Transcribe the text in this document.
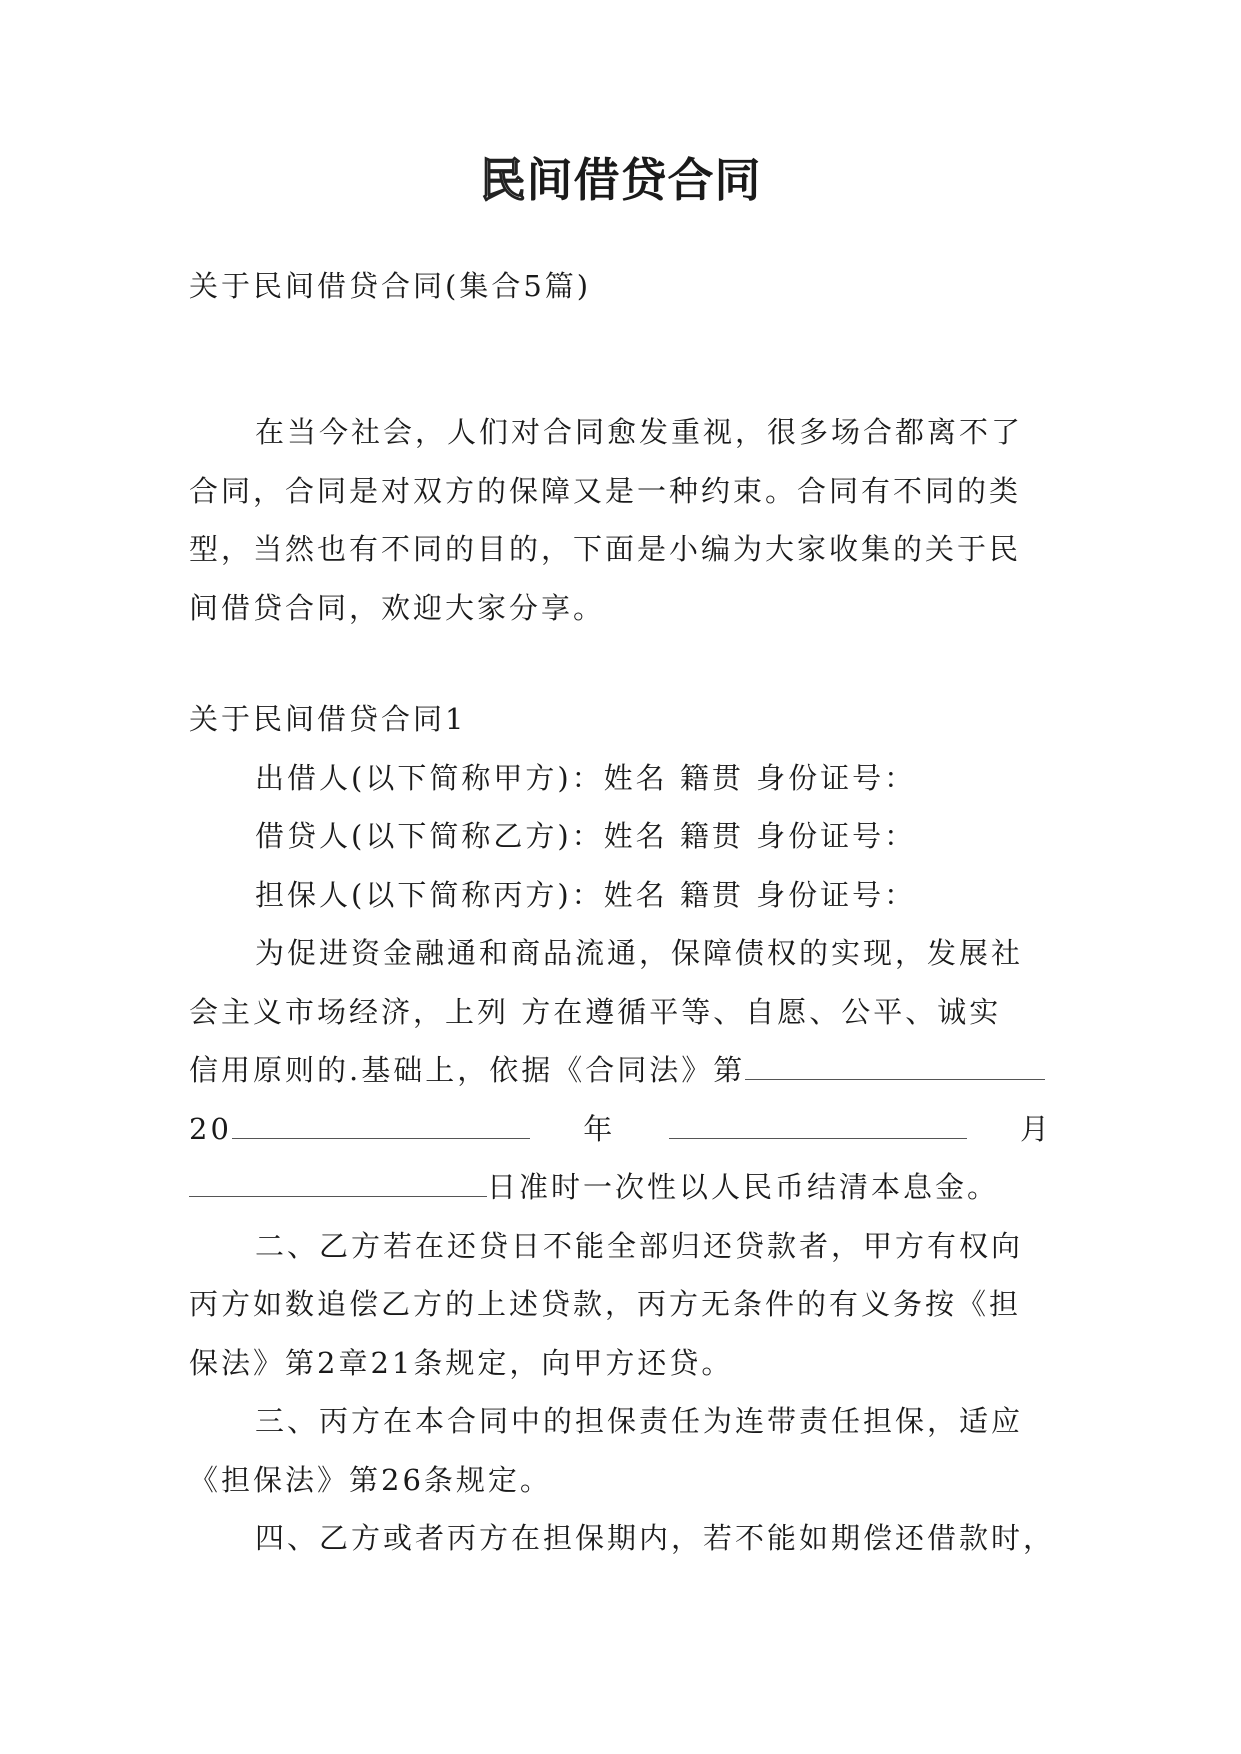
民间借贷合同
关于民间借贷合同(集合5篇)
在当今社会，人们对合同愈发重视，很多场合都离不了
合同，合同是对双方的保障又是一种约束。合同有不同的类
型，当然也有不同的目的，下面是小编为大家收集的关于民
间借贷合同，欢迎大家分享。
关于民间借贷合同1
出借人(以下简称甲方)：姓名 籍贯 身份证号：
借贷人(以下简称乙方)：姓名 籍贯 身份证号：
担保人(以下简称丙方)：姓名 籍贯 身份证号：
为促进资金融通和商品流通，保障债权的实现，发展社
会主义市场经济，上列 方在遵循平等、自愿、公平、诚实
信用原则的.基础上，依据《合同法》第
20	年	月
日准时一次性以人民币结清本息金。
二、乙方若在还贷日不能全部归还贷款者，甲方有权向
丙方如数追偿乙方的上述贷款，丙方无条件的有义务按《担
保法》第2章21条规定，向甲方还贷。
三、丙方在本合同中的担保责任为连带责任担保，适应
《担保法》第26条规定。
四、乙方或者丙方在担保期内，若不能如期偿还借款时，
